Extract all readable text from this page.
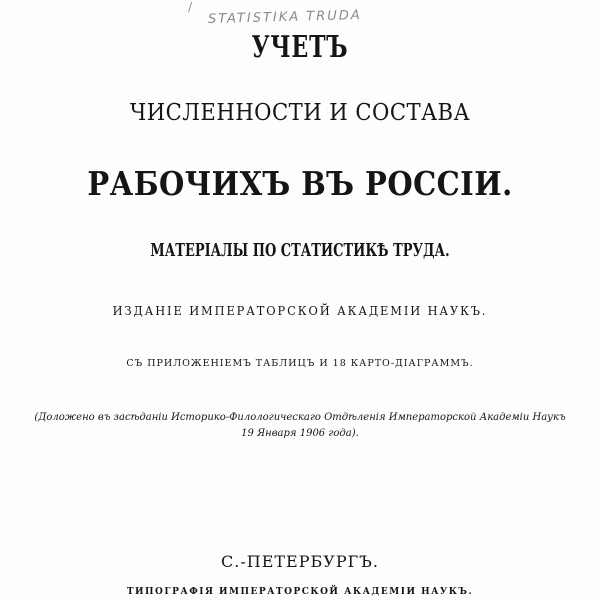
/
STATISTIKA TRUDA

УЧЕТЪ

ЧИСЛЕННОСТИ И СОСТАВА

РАБОЧИХЪ ВЪ РОССІИ.

МАТЕРІАЛЫ ПО СТАТИСТИКѢ ТРУДА.

ИЗДАНІЕ ИМПЕРАТОРСКОЙ АКАДЕМІИ НАУКЪ.

СЪ ПРИЛОЖЕНІЕМЪ ТАБЛИЦЪ И 18 КАРТО-ДІАГРАММЪ.

(Доложено въ засѣданіи Историко-Филологическаго Отдѣленія Императорской Академіи Наукъ
19 Января 1906 года).

С.-ПЕТЕРБУРГЪ.

ТИПОГРАФІЯ ИМПЕРАТОРСКОЙ АКАДЕМІИ НАУКЪ.
